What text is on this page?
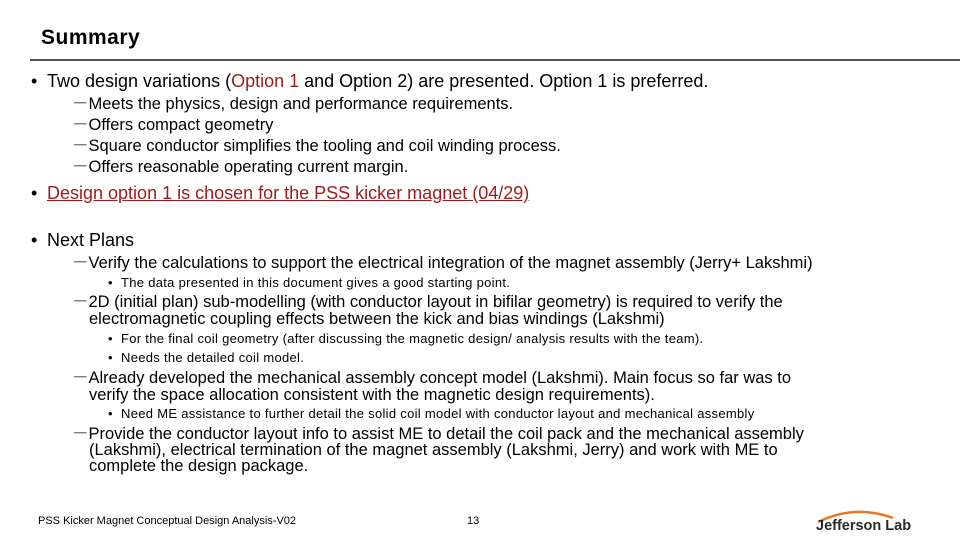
Summary
• Two design variations (Option 1 and Option 2) are presented. Option 1 is preferred.
－Meets the physics, design and performance requirements.
－Offers compact geometry
－Square conductor simplifies the tooling and coil winding process.
－Offers reasonable operating current margin.
• Design option 1 is chosen for the PSS kicker magnet (04/29)
• Next Plans
－Verify the calculations to support the electrical integration of the magnet assembly (Jerry+ Lakshmi)
• The data presented in this document gives a good starting point.
－2D (initial plan) sub-modelling (with conductor layout in bifilar geometry) is required to verify the
electromagnetic coupling effects between the kick and bias windings (Lakshmi)
• For the final coil geometry (after discussing the magnetic design/ analysis results with the team).
• Needs the detailed coil model.
－Already developed the mechanical assembly concept model (Lakshmi). Main focus so far was to
verify the space allocation consistent with the magnetic design requirements).
• Need ME assistance to further detail the solid coil model with conductor layout and mechanical assembly
－Provide the conductor layout info to assist ME to detail the coil pack and the mechanical assembly
(Lakshmi), electrical termination of the magnet assembly (Lakshmi, Jerry) and work with ME to
complete the design package.
PSS Kicker Magnet Conceptual Design Analysis-V02	13	Jefferson Lab
